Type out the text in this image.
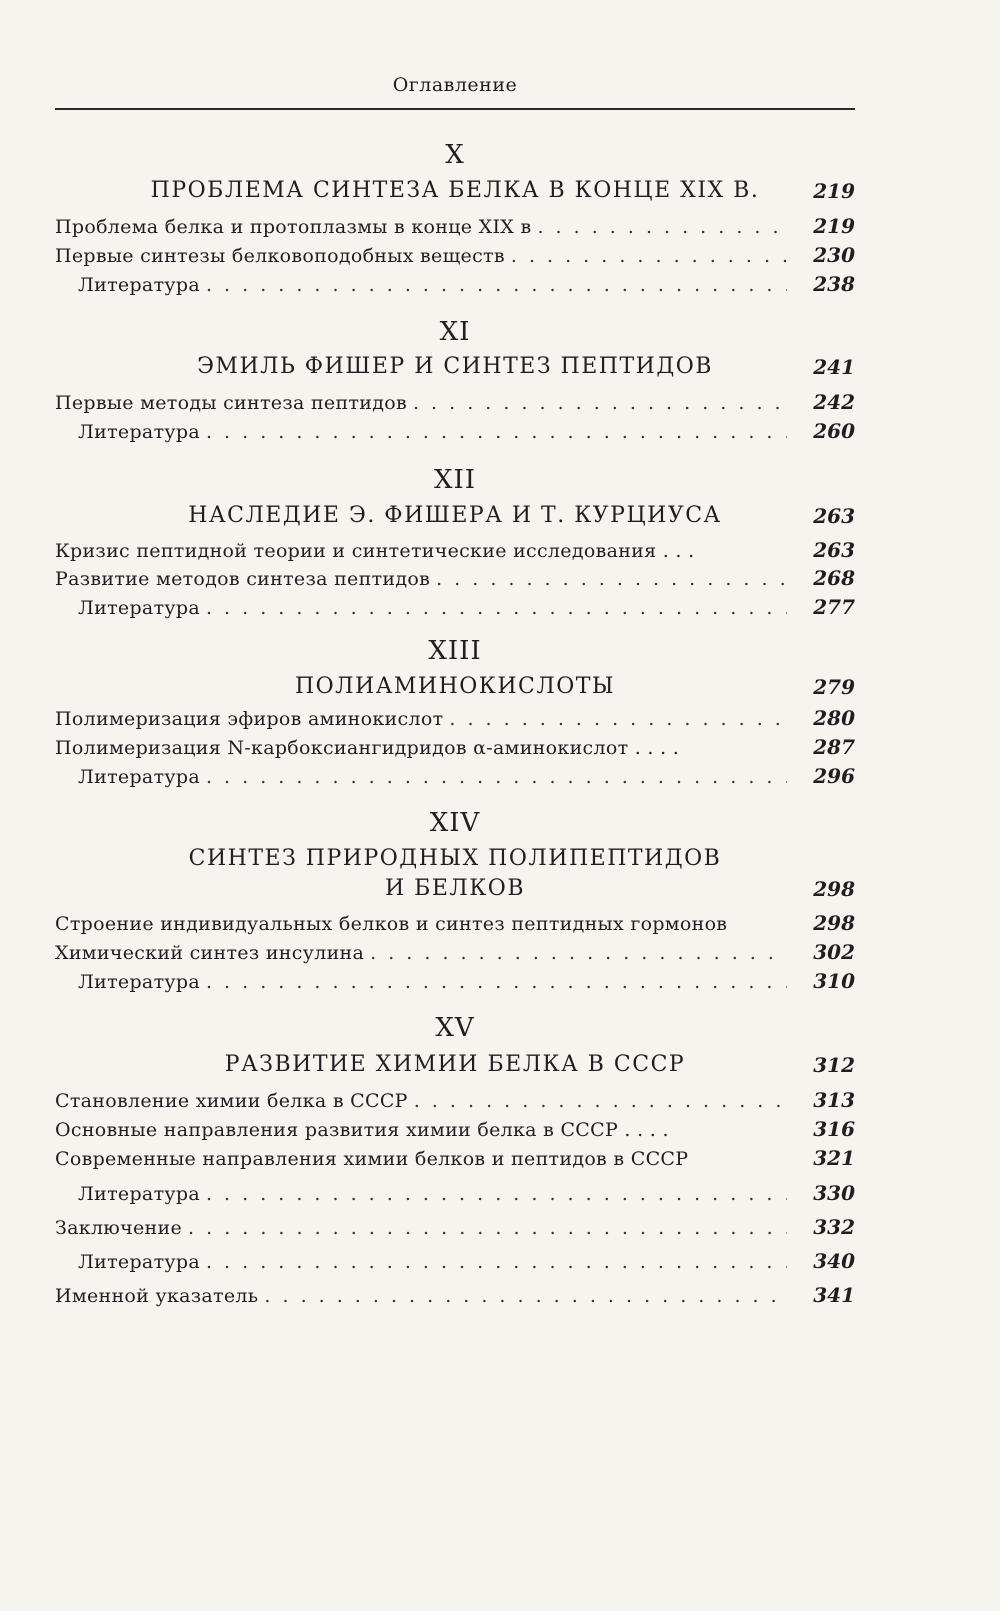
Оглавление
X
ПРОБЛЕМА СИНТЕЗА БЕЛКА В КОНЦЕ XIX В.	219
Проблема белка и протоплазмы в конце XIX в . . .	219
Первые синтезы белковоподобных веществ . . .	230
Литература . . .	238
XI
ЭМИЛЬ ФИШЕР И СИНТЕЗ ПЕПТИДОВ	241
Первые методы синтеза пептидов . . .	242
Литература . . .	260
XII
НАСЛЕДИЕ Э. ФИШЕРА И Т. КУРЦИУСА	263
Кризис пептидной теории и синтетические исследования . . .	263
Развитие методов синтеза пептидов . . .	268
Литература . . .	277
XIII
ПОЛИАМИНОКИСЛОТЫ	279
Полимеризация эфиров аминокислот . . .	280
Полимеризация N-карбоксиангидридов α-аминокислот . . . .	287
Литература . . .	296
XIV
СИНТЕЗ ПРИРОДНЫХ ПОЛИПЕПТИДОВ
И БЕЛКОВ	298
Строение индивидуальных белков и синтез пептидных гормонов	298
Химический синтез инсулина . . .	302
Литература . . .	310
XV
РАЗВИТИЕ ХИМИИ БЕЛКА В СССР	312
Становление химии белка в СССР . . .	313
Основные направления развития химии белка в СССР . . . .	316
Современные направления химии белков и пептидов в СССР	321
Литература . . .	330
Заключение . . .	332
Литература . . .	340
Именной указатель . . .	341
